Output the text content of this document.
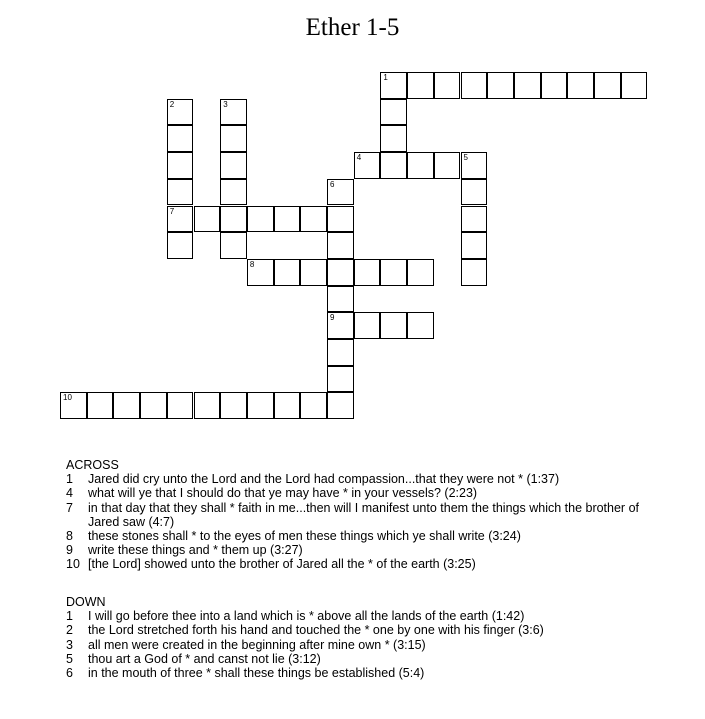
Ether 1-5
1
4	5
3
2
7
6
9
8
10
ACROSS
1	Jared did cry unto the Lord and the Lord had compassion...that they were not * (1:37)
4	what will ye that I should do that ye may have * in your vessels? (2:23)
7	in that day that they shall * faith in me...then will I manifest unto them the things which the brother of Jared saw (4:7)
8	these stones shall * to the eyes of men these things which ye shall write (3:24)
9	write these things and * them up (3:27)
10 [the Lord] showed unto the brother of Jared all the * of the earth (3:25)
DOWN
1	I will go before thee into a land which is * above all the lands of the earth (1:42)
2	the Lord stretched forth his hand and touched the * one by one with his finger (3:6)
3	all men were created in the beginning after mine own * (3:15)
5	thou art a God of * and canst not lie (3:12)
6	in the mouth of three * shall these things be established (5:4)
